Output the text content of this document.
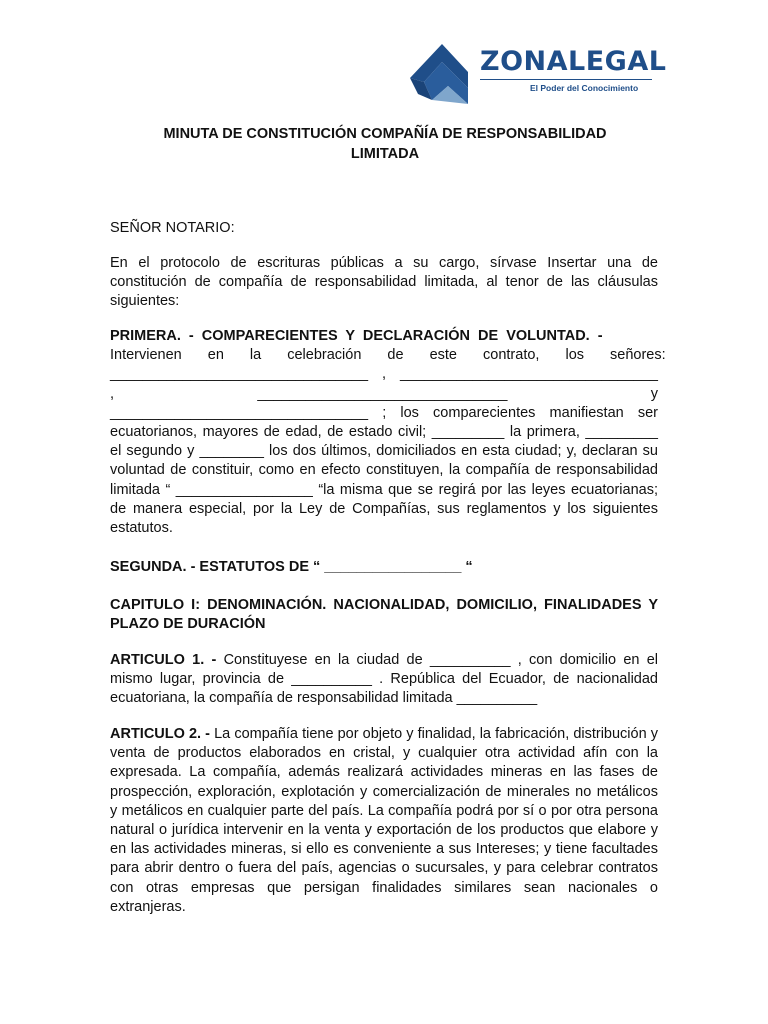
ZONALEGAL
El Poder del Conocimiento
MINUTA DE CONSTITUCIÓN COMPAÑÍA DE RESPONSABILIDAD
LIMITADA
SEÑOR NOTARIO:
En el protocolo de escrituras públicas a su cargo, sírvase Insertar una de constitución de compañía de responsabilidad limitada, al tenor de las cláusulas siguientes:
PRIMERA. - COMPARECIENTES Y DECLARACIÓN DE VOLUNTAD. -
Intervienen en la celebración de este contrato, los señores:
________________________________ , ________________________________
,	_______________________________	y
________________________________ ; los comparecientes manifiestan ser ecuatorianos, mayores de edad, de estado civil; _________ la primera, _________ el segundo y ________ los dos últimos, domiciliados en esta ciudad; y, declaran su voluntad de constituir, como en efecto constituyen, la compañía de responsabilidad limitada “ _________________ “la misma que se regirá por las leyes ecuatorianas; de manera especial, por la Ley de Compañías, sus reglamentos y los siguientes estatutos.
SEGUNDA. - ESTATUTOS DE “ _________________ “
CAPITULO I: DENOMINACIÓN. NACIONALIDAD, DOMICILIO, FINALIDADES Y PLAZO DE DURACIÓN
ARTICULO 1. - Constituyese en la ciudad de __________ , con domicilio en el mismo lugar, provincia de __________ . República del Ecuador, de nacionalidad ecuatoriana, la compañía de responsabilidad limitada __________
ARTICULO 2. - La compañía tiene por objeto y finalidad, la fabricación, distribución y venta de productos elaborados en cristal, y cualquier otra actividad afín con la expresada. La compañía, además realizará actividades mineras en las fases de prospección, exploración, explotación y comercialización de minerales no metálicos y metálicos en cualquier parte del país. La compañía podrá por sí o por otra persona natural o jurídica intervenir en la venta y exportación de los productos que elabore y en las actividades mineras, si ello es conveniente a sus Intereses; y tiene facultades para abrir dentro o fuera del país, agencias o sucursales, y para celebrar contratos con otras empresas que persigan finalidades similares sean nacionales o extranjeras.
